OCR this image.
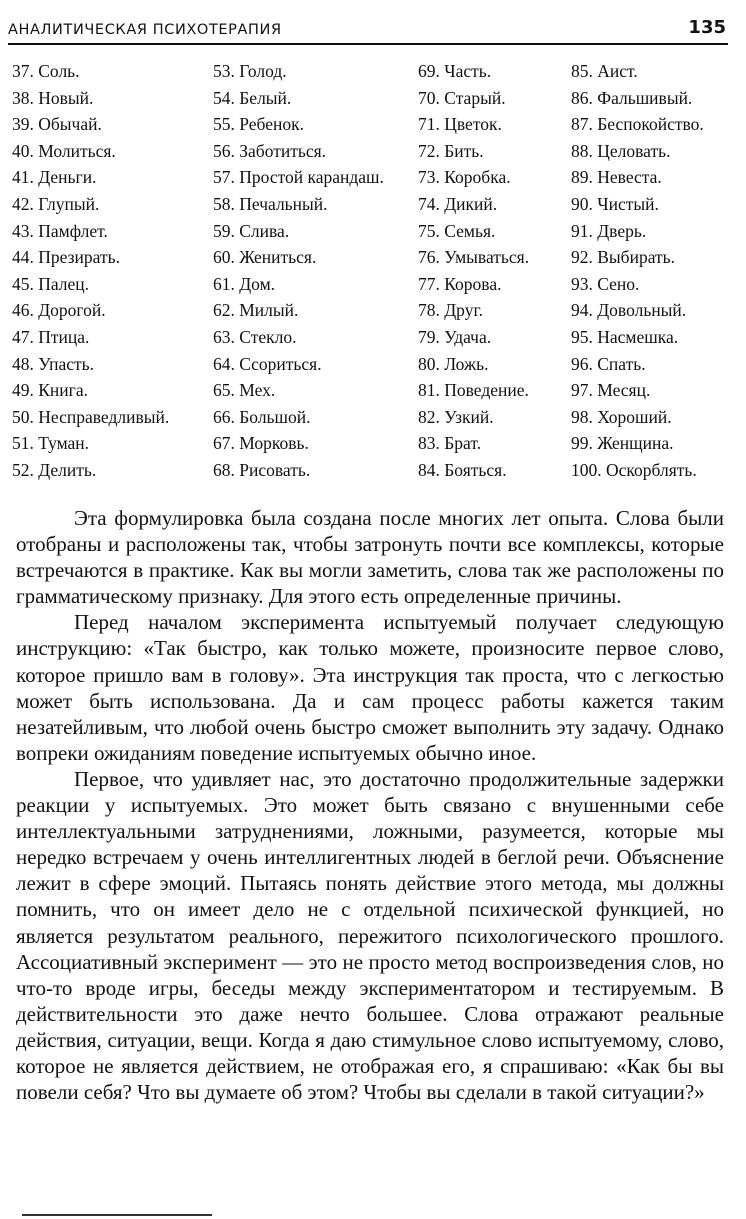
АНАЛИТИЧЕСКАЯ ПСИХОТЕРАПИЯ	135
37. Соль.
38. Новый.
39. Обычай.
40. Молиться.
41. Деньги.
42. Глупый.
43. Памфлет.
44. Презирать.
45. Палец.
46. Дорогой.
47. Птица.
48. Упасть.
49. Книга.
50. Несправедливый.
51. Туман.
52. Делить.
53. Голод.
54. Белый.
55. Ребенок.
56. Заботиться.
57. Простой карандаш.
58. Печальный.
59. Слива.
60. Жениться.
61. Дом.
62. Милый.
63. Стекло.
64. Ссориться.
65. Мех.
66. Большой.
67. Морковь.
68. Рисовать.
69. Часть.
70. Старый.
71. Цветок.
72. Бить.
73. Коробка.
74. Дикий.
75. Семья.
76. Умываться.
77. Корова.
78. Друг.
79. Удача.
80. Ложь.
81. Поведение.
82. Узкий.
83. Брат.
84. Бояться.
85. Аист.
86. Фальшивый.
87. Беспокойство.
88. Целовать.
89. Невеста.
90. Чистый.
91. Дверь.
92. Выбирать.
93. Сено.
94. Довольный.
95. Насмешка.
96. Спать.
97. Месяц.
98. Хороший.
99. Женщина.
100. Оскорблять.

Эта формулировка была создана после многих лет опыта. Слова были отобраны и расположены так, чтобы затронуть почти все комплексы, которые встречаются в практике. Как вы могли заметить, слова так же расположены по грамматическому признаку. Для этого есть определенные причины.

Перед началом эксперимента испытуемый получает следующую инструкцию: «Так быстро, как только можете, произносите первое слово, которое пришло вам в голову». Эта инструкция так проста, что с легкостью может быть использована. Да и сам процесс работы кажется таким незатейливым, что любой очень быстро сможет выполнить эту задачу. Однако вопреки ожиданиям поведение испытуемых обычно иное.

Первое, что удивляет нас, это достаточно продолжительные задержки реакции у испытуемых. Это может быть связано с внушенными себе интеллектуальными затруднениями, ложными, разумеется, которые мы нередко встречаем у очень интеллигентных людей в беглой речи. Объяснение лежит в сфере эмоций. Пытаясь понять действие этого метода, мы должны помнить, что он имеет дело не с отдельной психической функцией, но является результатом реального, пережитого психологического прошлого. Ассоциативный эксперимент — это не просто метод воспроизведения слов, но что-то вроде игры, беседы между экспериментатором и тестируемым. В действительности это даже нечто большее. Слова отражают реальные действия, ситуации, вещи. Когда я даю стимульное слово испытуемому, слово, которое не является действием, не отображая его, я спрашиваю: «Как бы вы повели себя? Что вы думаете об этом? Чтобы вы сделали в такой ситуации?»
